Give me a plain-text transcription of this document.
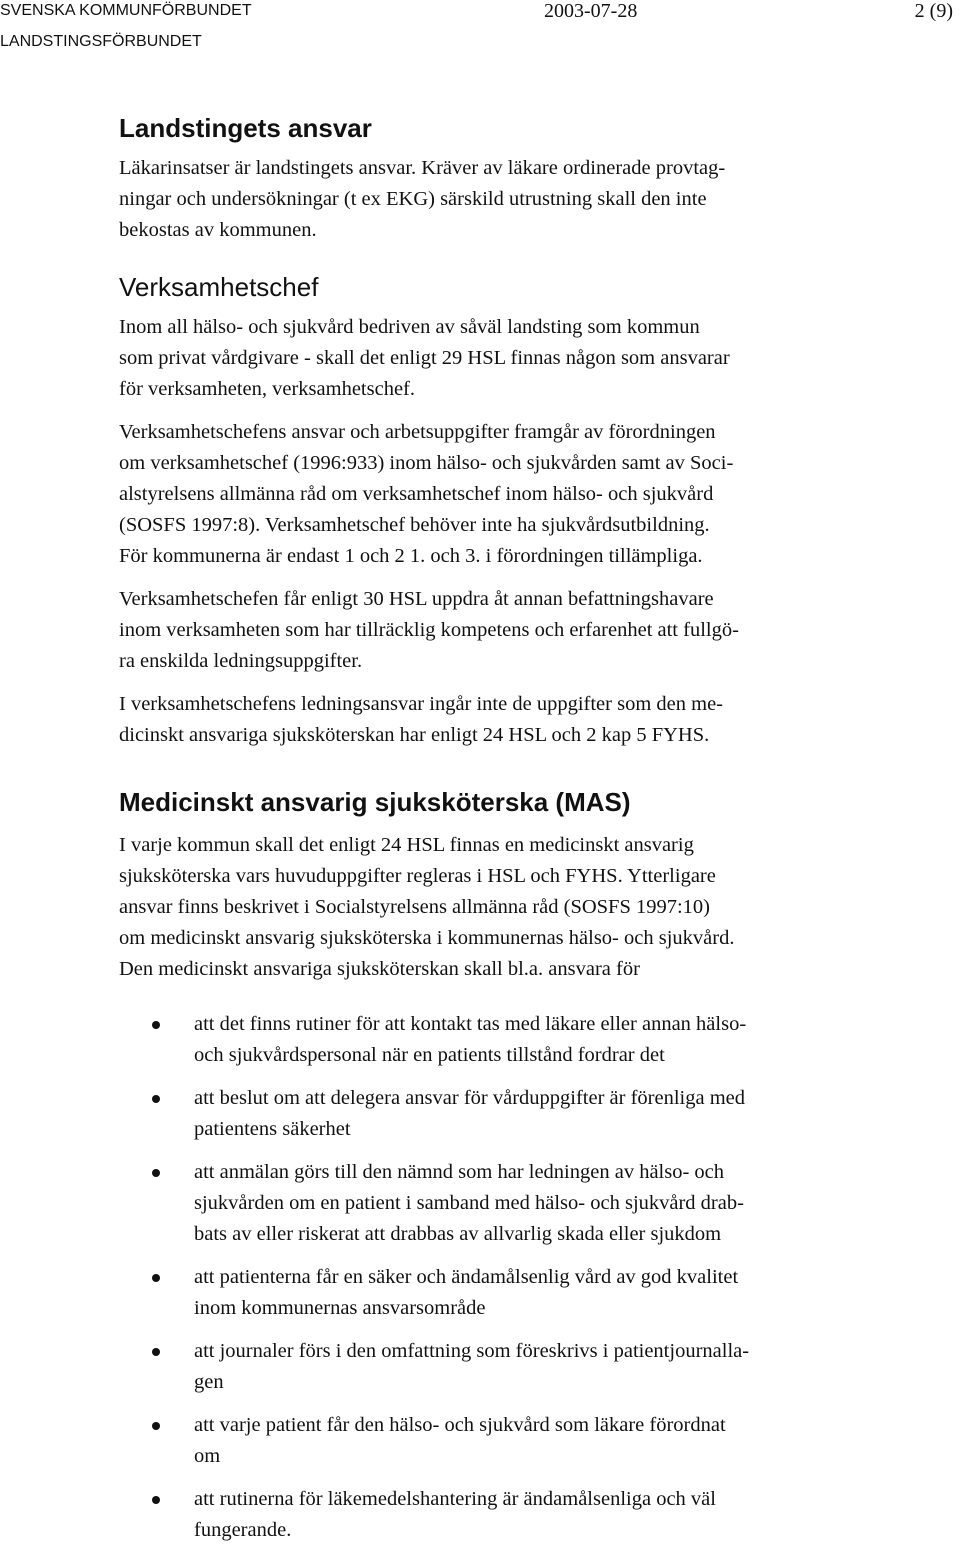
SVENSKA KOMMUNFÖRBUNDET
LANDSTINGSFÖRBUNDET
2003-07-28	2 (9)
Landstingets ansvar

Läkarinsatser är landstingets ansvar. Kräver av läkare ordinerade provtag-
ningar och undersökningar (t ex EKG) särskild utrustning skall den inte
bekostas av kommunen.

Verksamhetschef

Inom all hälso- och sjukvård bedriven av såväl landsting som kommun
som privat vårdgivare - skall det enligt 29 HSL finnas någon som ansvarar
för verksamheten, verksamhetschef.

Verksamhetschefens ansvar och arbetsuppgifter framgår av förordningen
om verksamhetschef (1996:933) inom hälso- och sjukvården samt av Soci-
alstyrelsens allmänna råd om verksamhetschef inom hälso- och sjukvård
(SOSFS 1997:8). Verksamhetschef behöver inte ha sjukvårdsutbildning.
För kommunerna är endast 1 och 2 1. och 3. i förordningen tillämpliga.

Verksamhetschefen får enligt 30 HSL uppdra åt annan befattningshavare
inom verksamheten som har tillräcklig kompetens och erfarenhet att fullgö-
ra enskilda ledningsuppgifter.

I verksamhetschefens ledningsansvar ingår inte de uppgifter som den me-
dicinskt ansvariga sjuksköterskan har enligt 24 HSL och 2 kap 5 FYHS.

Medicinskt ansvarig sjuksköterska (MAS)

I varje kommun skall det enligt 24 HSL finnas en medicinskt ansvarig
sjuksköterska vars huvuduppgifter regleras i HSL och FYHS. Ytterligare
ansvar finns beskrivet i Socialstyrelsens allmänna råd (SOSFS 1997:10)
om medicinskt ansvarig sjuksköterska i kommunernas hälso- och sjukvård.
Den medicinskt ansvariga sjuksköterskan skall bl.a. ansvara för

att det finns rutiner för att kontakt tas med läkare eller annan hälso-
och sjukvårdspersonal när en patients tillstånd fordrar det
att beslut om att delegera ansvar för vårduppgifter är förenliga med
patientens säkerhet
att anmälan görs till den nämnd som har ledningen av hälso- och
sjukvården om en patient i samband med hälso- och sjukvård drab-
bats av eller riskerat att drabbas av allvarlig skada eller sjukdom
att patienterna får en säker och ändamålsenlig vård av god kvalitet
inom kommunernas ansvarsområde
att journaler förs i den omfattning som föreskrivs i patientjournalla-
gen
att varje patient får den hälso- och sjukvård som läkare förordnat
om
att rutinerna för läkemedelshantering är ändamålsenliga och väl
fungerande.
